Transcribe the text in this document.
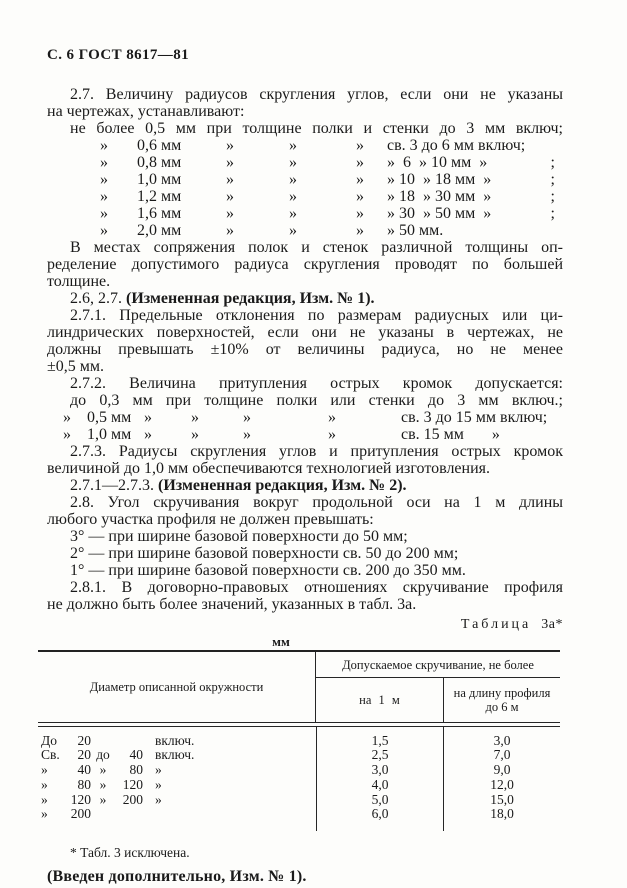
С. 6 ГОСТ 8617—81
2.7. Величину радиусов скругления углов, если они не указаны
на чертежах, устанавливают:
не более 0,5 мм при толщине полки и стенки до 3 мм включ;
»	0,6 мм	»	»	»	св. 3 до 6 мм включ;
»	0,8 мм	»	»	»	»  6  » 10 мм  »	;
»	1,0 мм	»	»	»	» 10  » 18 мм  »	;
»	1,2 мм	»	»	»	» 18  » 30 мм  »	;
»	1,6 мм	»	»	»	» 30  » 50 мм  »	;
»	2,0 мм	»	»	»	» 50 мм.
В местах сопряжения полок и стенок различной толщины оп-
ределение допустимого радиуса скругления проводят по большей
толщине.
2.6, 2.7. (Измененная редакция, Изм. № 1).
2.7.1. Предельные отклонения по размерам радиусных или ци-
линдрических поверхностей, если они не указаны в чертежах, не
должны превышать ±10% от величины радиуса, но не менее
±0,5 мм.
2.7.2. Величина притупления острых кромок допускается:
до 0,3 мм при толщине полки или стенки до 3 мм включ.;
»	0,5 мм »	»	»	»	св. 3 до 15 мм включ;
»	1,0 мм »	»	»	»	св. 15 мм       »
2.7.3. Радиусы скругления углов и притупления острых кромок
величиной до 1,0 мм обеспечиваются технологией изготовления.
2.7.1—2.7.3. (Измененная редакция, Изм. № 2).
2.8. Угол скручивания вокруг продольной оси на 1 м длины
любого участка профиля не должен превышать:
3° — при ширине базовой поверхности до 50 мм;
2° — при ширине базовой поверхности св. 50 до 200 мм;
1° — при ширине базовой поверхности св. 200 до 350 мм.
2.8.1. В договорно-правовых отношениях скручивание профиля
не должно быть более значений, указанных в табл. 3а.
Таблица 3а*
мм
Диаметр описанной окружности
Допускаемое скручивание, не более
на 1 м	на длину профиля
до 6 м
До 20	включ.	1,5	3,0
Св. 20 до 40 включ.	2,5	7,0
» 40 » 80 »	3,0	9,0
» 80 » 120 »	4,0	12,0
» 120 » 200 »	5,0	15,0
» 200	6,0	18,0
* Табл. 3 исключена.
(Введен дополнительно, Изм. № 1).
